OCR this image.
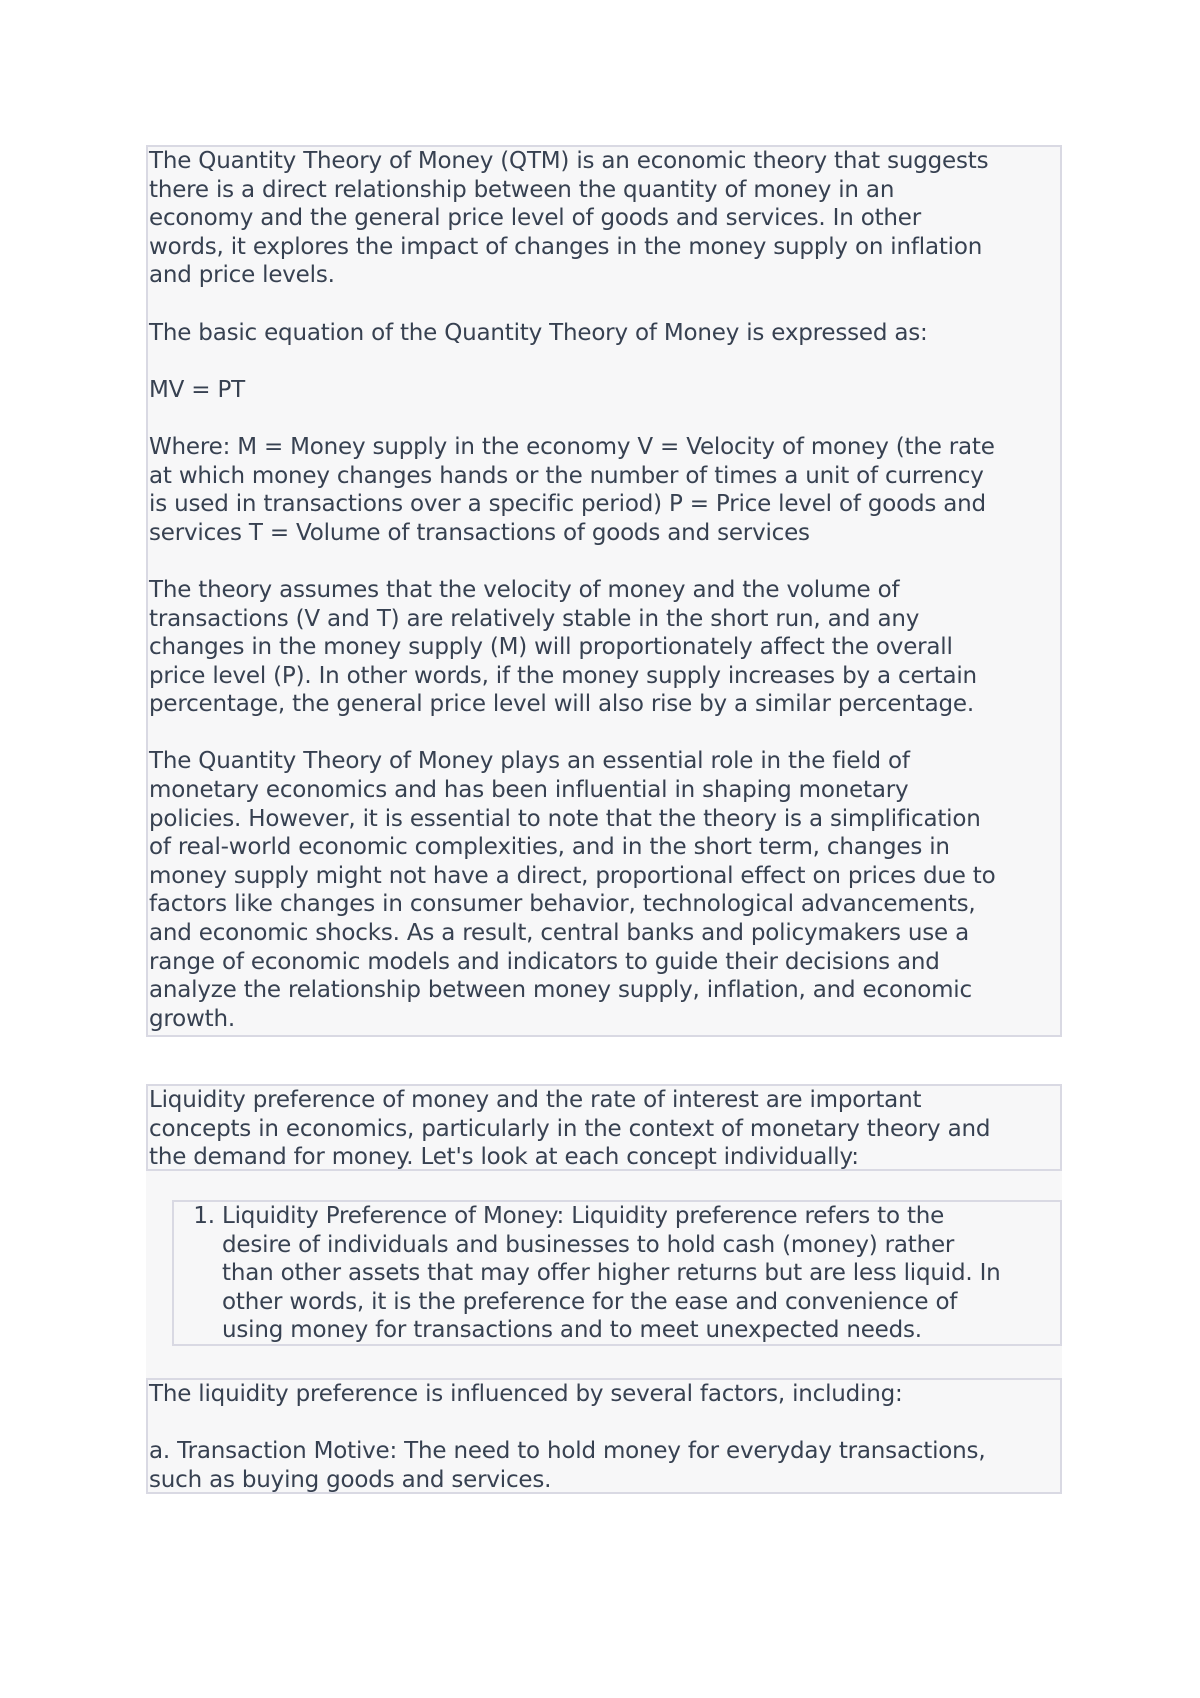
The Quantity Theory of Money (QTM) is an economic theory that suggests
there is a direct relationship between the quantity of money in an
economy and the general price level of goods and services. In other
words, it explores the impact of changes in the money supply on inflation
and price levels.

The basic equation of the Quantity Theory of Money is expressed as:

MV = PT

Where: M = Money supply in the economy V = Velocity of money (the rate
at which money changes hands or the number of times a unit of currency
is used in transactions over a specific period) P = Price level of goods and
services T = Volume of transactions of goods and services

The theory assumes that the velocity of money and the volume of
transactions (V and T) are relatively stable in the short run, and any
changes in the money supply (M) will proportionately affect the overall
price level (P). In other words, if the money supply increases by a certain
percentage, the general price level will also rise by a similar percentage.

The Quantity Theory of Money plays an essential role in the field of
monetary economics and has been influential in shaping monetary
policies. However, it is essential to note that the theory is a simplification
of real-world economic complexities, and in the short term, changes in
money supply might not have a direct, proportional effect on prices due to
factors like changes in consumer behavior, technological advancements,
and economic shocks. As a result, central banks and policymakers use a
range of economic models and indicators to guide their decisions and
analyze the relationship between money supply, inflation, and economic
growth.

Liquidity preference of money and the rate of interest are important
concepts in economics, particularly in the context of monetary theory and
the demand for money. Let's look at each concept individually:

1. Liquidity Preference of Money: Liquidity preference refers to the
desire of individuals and businesses to hold cash (money) rather
than other assets that may offer higher returns but are less liquid. In
other words, it is the preference for the ease and convenience of
using money for transactions and to meet unexpected needs.

The liquidity preference is influenced by several factors, including:

a. Transaction Motive: The need to hold money for everyday transactions,
such as buying goods and services.
